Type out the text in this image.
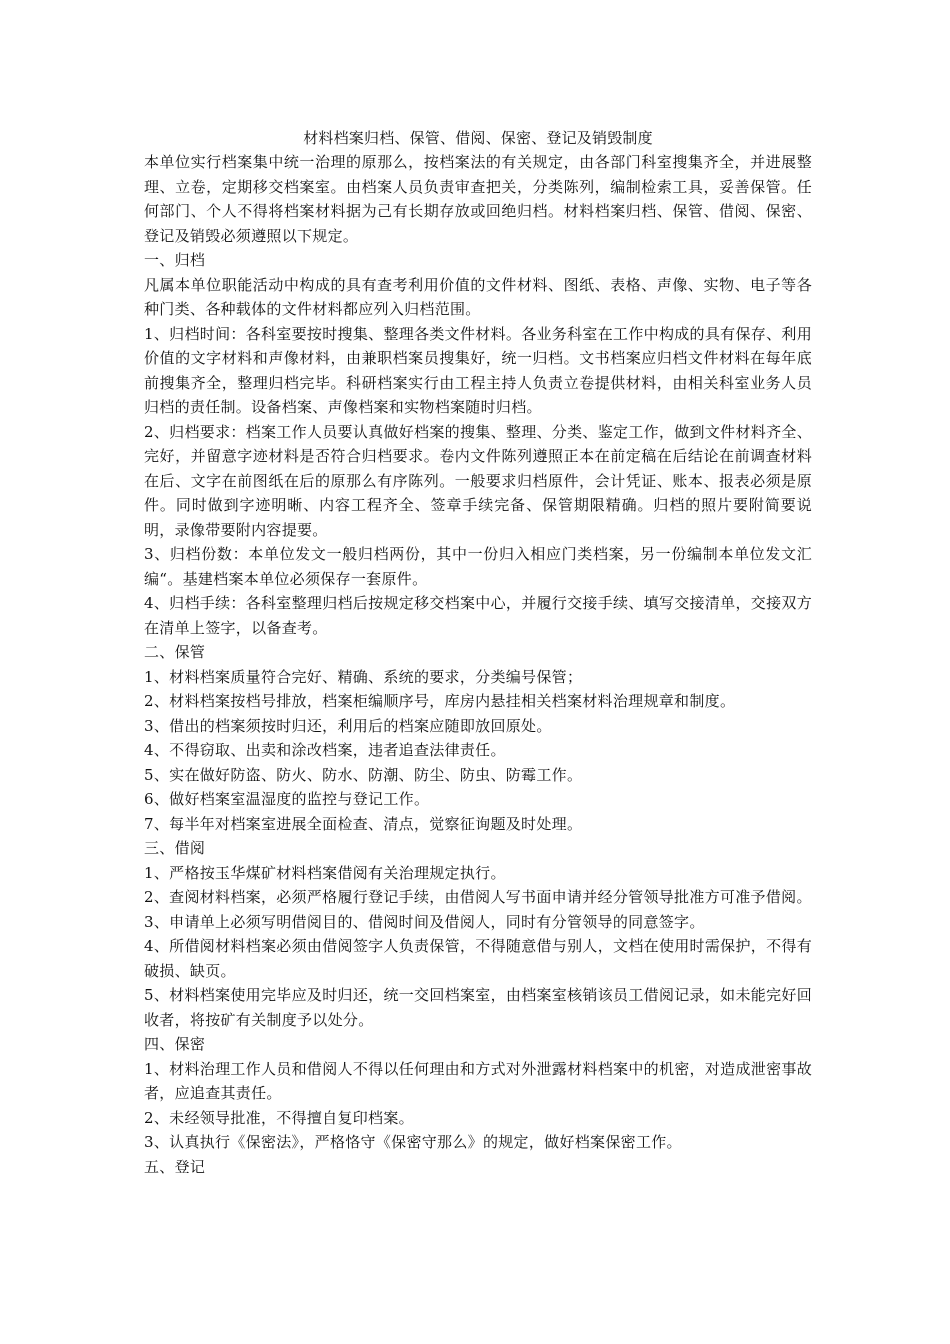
材料档案归档、保管、借阅、保密、登记及销毁制度

本单位实行档案集中统一治理的原那么，按档案法的有关规定，由各部门科室搜集齐全，并进展整理、立卷，定期移交档案室。由档案人员负责审查把关，分类陈列，编制检索工具，妥善保管。任何部门、个人不得将档案材料据为己有长期存放或回绝归档。材料档案归档、保管、借阅、保密、登记及销毁必须遵照以下规定。

一、归档

凡属本单位职能活动中构成的具有查考利用价值的文件材料、图纸、表格、声像、实物、电子等各种门类、各种载体的文件材料都应列入归档范围。

1、归档时间：各科室要按时搜集、整理各类文件材料。各业务科室在工作中构成的具有保存、利用价值的文字材料和声像材料，由兼职档案员搜集好，统一归档。文书档案应归档文件材料在每年底前搜集齐全，整理归档完毕。科研档案实行由工程主持人负责立卷提供材料，由相关科室业务人员归档的责任制。设备档案、声像档案和实物档案随时归档。

2、归档要求：档案工作人员要认真做好档案的搜集、整理、分类、鉴定工作，做到文件材料齐全、完好，并留意字迹材料是否符合归档要求。卷内文件陈列遵照正本在前定稿在后结论在前调查材料在后、文字在前图纸在后的原那么有序陈列。一般要求归档原件，会计凭证、账本、报表必须是原件。同时做到字迹明晰、内容工程齐全、签章手续完备、保管期限精确。归档的照片要附简要说明，录像带要附内容提要。

3、归档份数：本单位发文一般归档两份，其中一份归入相应门类档案，另一份编制本单位发文汇编“。基建档案本单位必须保存一套原件。

4、归档手续：各科室整理归档后按规定移交档案中心，并履行交接手续、填写交接清单，交接双方在清单上签字，以备查考。

二、保管

1、材料档案质量符合完好、精确、系统的要求，分类编号保管；

2、材料档案按档号排放，档案柜编顺序号，库房内悬挂相关档案材料治理规章和制度。

3、借出的档案须按时归还，利用后的档案应随即放回原处。

4、不得窃取、出卖和涂改档案，违者追查法律责任。

5、实在做好防盗、防火、防水、防潮、防尘、防虫、防霉工作。

6、做好档案室温湿度的监控与登记工作。

7、每半年对档案室进展全面检查、清点，觉察征询题及时处理。

三、借阅

1、严格按玉华煤矿材料档案借阅有关治理规定执行。

2、查阅材料档案，必须严格履行登记手续，由借阅人写书面申请并经分管领导批准方可准予借阅。

3、申请单上必须写明借阅目的、借阅时间及借阅人，同时有分管领导的同意签字。

4、所借阅材料档案必须由借阅签字人负责保管，不得随意借与别人，文档在使用时需保护，不得有破损、缺页。

5、材料档案使用完毕应及时归还，统一交回档案室，由档案室核销该员工借阅记录，如未能完好回收者，将按矿有关制度予以处分。

四、保密

1、材料治理工作人员和借阅人不得以任何理由和方式对外泄露材料档案中的机密，对造成泄密事故者，应追查其责任。

2、未经领导批准，不得擅自复印档案。

3、认真执行《保密法》，严格恪守《保密守那么》的规定，做好档案保密工作。

五、登记
